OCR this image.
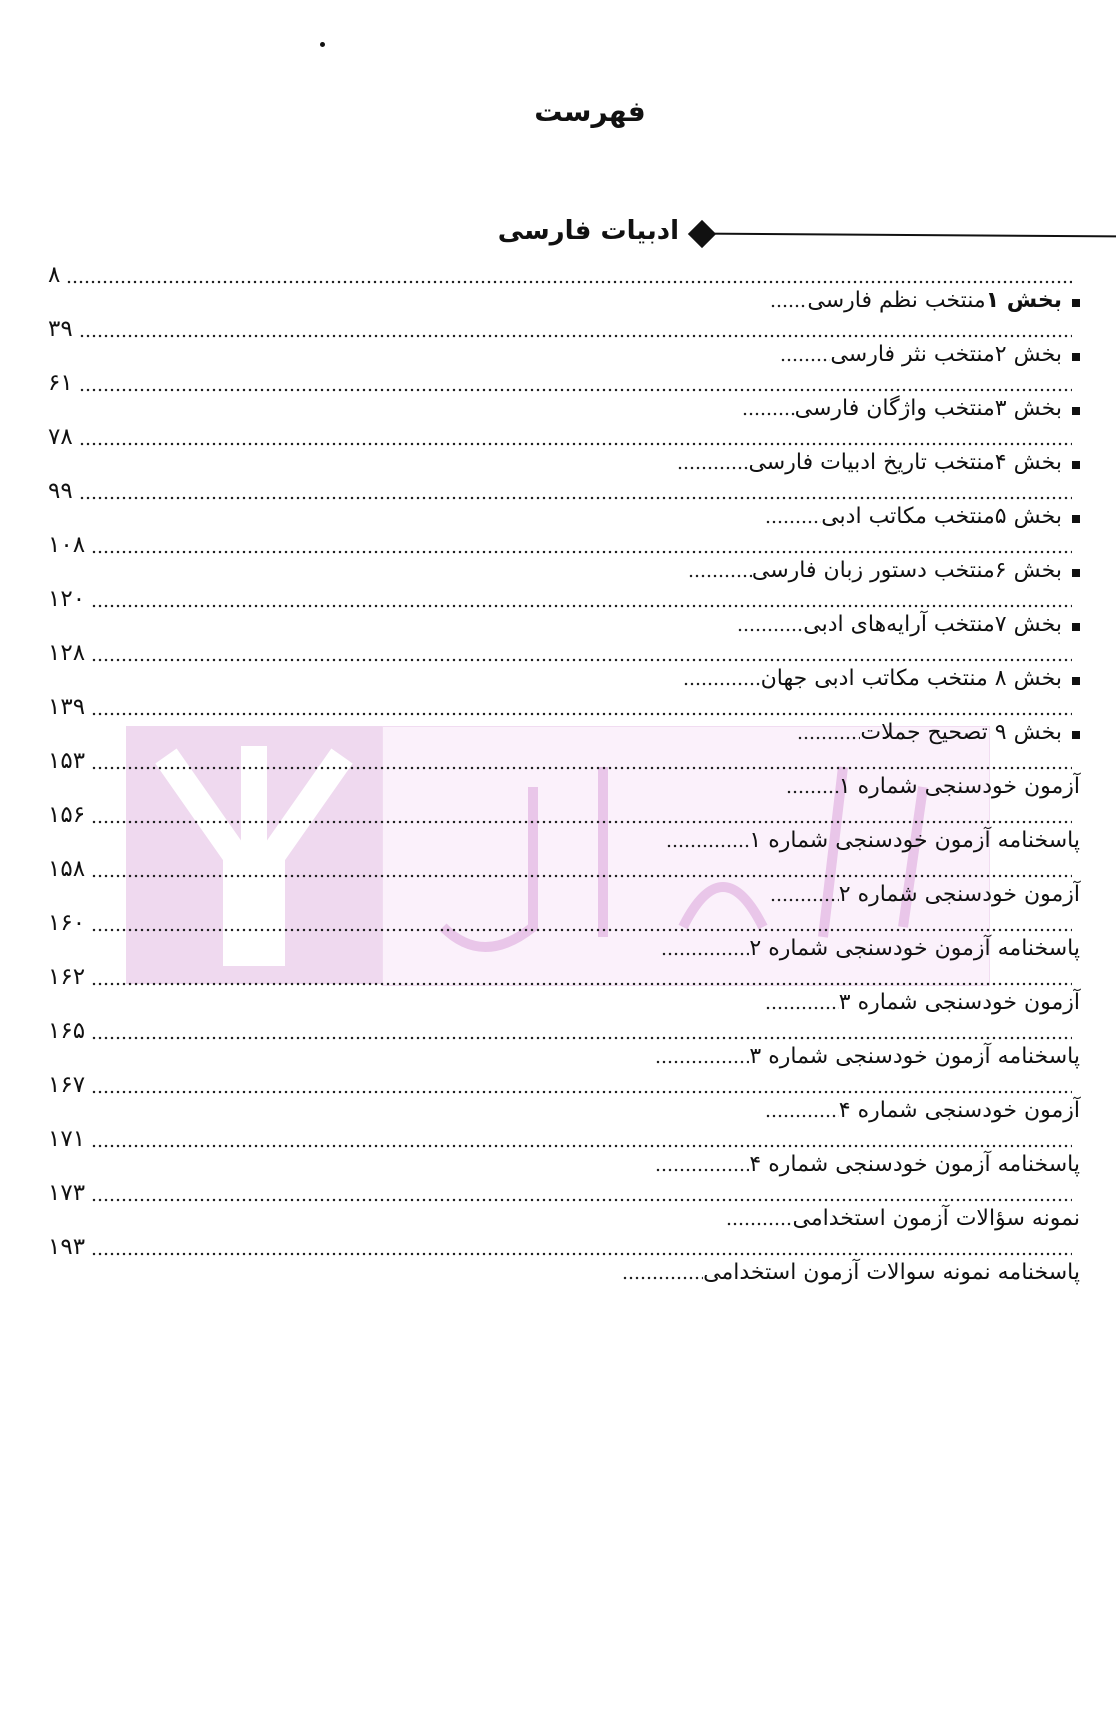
فهرست
ادبیات فارسی
۸
بخش ۱منتخب نظم فارسی
۳۹
بخش ۲منتخب نثر فارسی
۶۱
بخش ۳منتخب واژگان فارسی
۷۸
بخش ۴منتخب تاریخ ادبیات فارسی
۹۹
بخش ۵منتخب مکاتب ادبی
۱۰۸
بخش ۶منتخب دستور زبان فارسی
۱۲۰
بخش ۷منتخب آرایه‌های ادبی
۱۲۸
بخش ۸ منتخب مکاتب ادبی جهان
۱۳۹
بخش ۹ تصحیح جملات
۱۵۳
آزمون خودسنجی شماره ۱
۱۵۶
پاسخنامه آزمون خودسنجی شماره ۱
۱۵۸
آزمون خودسنجی شماره ۲
۱۶۰
پاسخنامه آزمون خودسنجی شماره ۲
۱۶۲
آزمون خودسنجی شماره ۳
۱۶۵
پاسخنامه آزمون خودسنجی شماره ۳
۱۶۷
آزمون خودسنجی شماره ۴
۱۷۱
پاسخنامه آزمون خودسنجی شماره ۴
۱۷۳
نمونه سؤالات آزمون استخدامی
۱۹۳
پاسخنامه نمونه سوالات آزمون استخدامی
